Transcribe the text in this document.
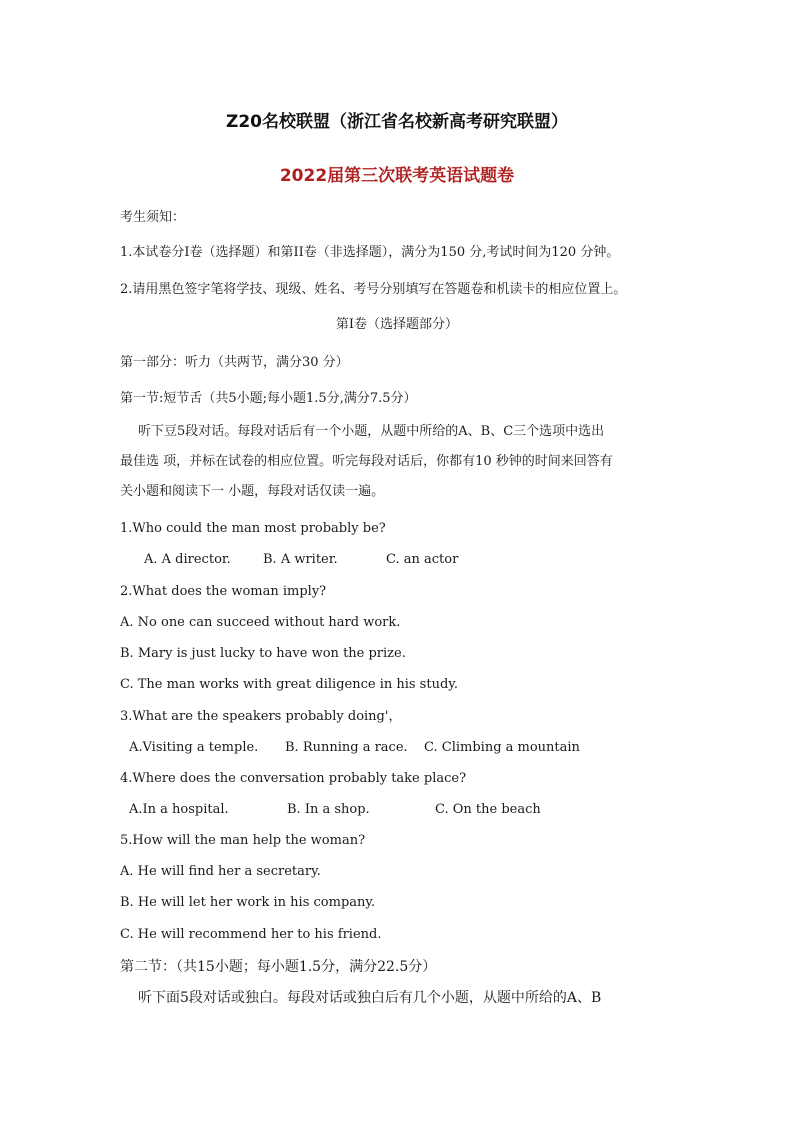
Z20名校联盟（浙江省名校新高考研究联盟）
2022届第三次联考英语试题卷
考生须知：
1.本试卷分I卷（选择题）和第II卷（非选择题），满分为150 分,考试时间为120 分钟。
2.请用黑色签字笔将学技、现级、姓名、考号分别填写在答题卷和机读卡的相应位置上。
第I卷（选择题部分）
第一部分：听力（共两节，满分30 分）
第一节:短节舌（共5小题;每小题1.5分,满分7.5分）
听下豆5段对话。每段对话后有一个小题，从题中所给的A、B、C三个选项中选出
最佳选 项，并标在试卷的相应位置。听完每段对话后，你都有10 秒钟的时间来回答有
关小题和阅读下一 小题，每段对话仅读一遍。
1.Who could the man most probably be?
A. A director. B. A writer.	C. an actor
2.What does the woman imply?
A. No one can succeed without hard work.
B. Mary is just lucky to have won the prize.
C. The man works with great diligence in his study.
3.What are the speakers probably doing'，
A.Visiting a temple. B. Running a race. C. Climbing a mountain
4.Where does the conversation probably take place?
A.In a hospital.	B. In a shop.	C. On the beach
5.How will the man help the woman?
A. He will find her a secretary.
B. He will let her work in his company.
C. He will recommend her to his friend.
第二节：（共15小题；每小题1.5分，满分22.5分）
听下面5段对话或独白。每段对话或独白后有几个小题，从题中所给的A、B
